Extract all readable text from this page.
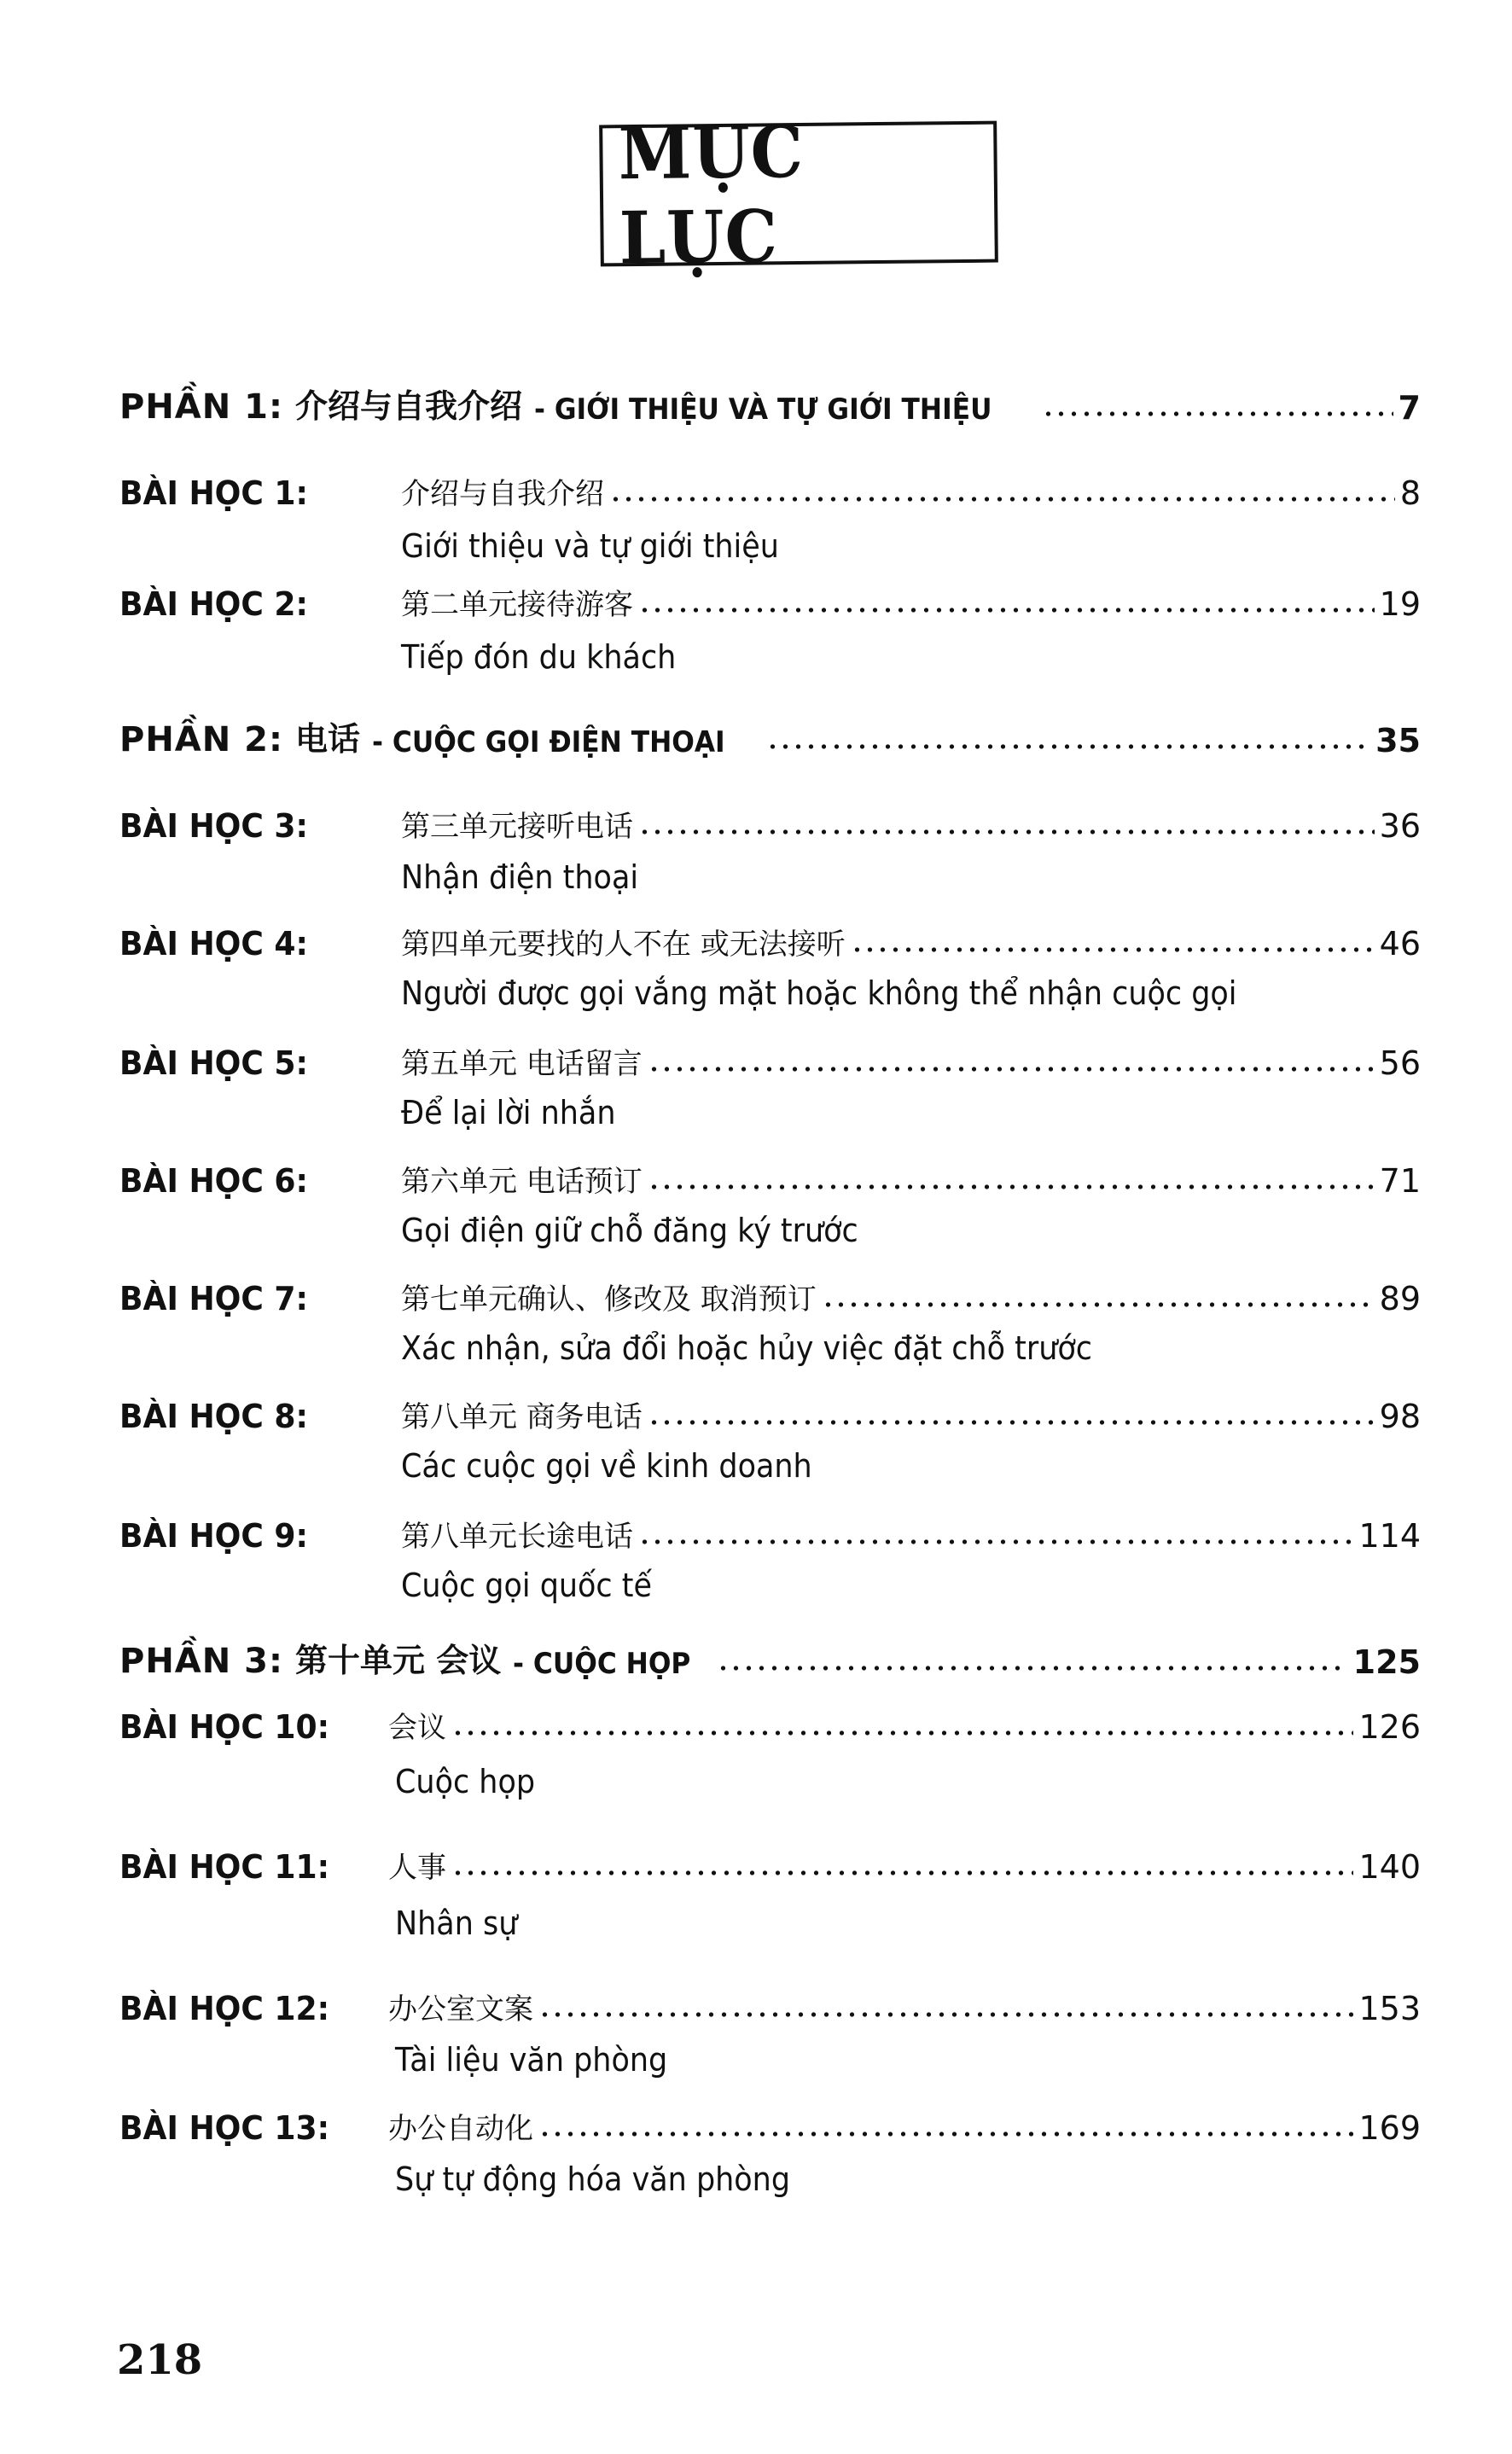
MỤC LỤC
PHẦN 1: 介绍与自我介绍 - GIỚI THIỆU VÀ TỰ GIỚI THIỆU	7
BÀI HỌC 1:	介绍与自我介绍	8
Giới thiệu và tự giới thiệu
BÀI HỌC 2:	第二单元接待游客	19
Tiếp đón du khách
PHẦN 2: 电话 - CUỘC GỌI ĐIỆN THOẠI	35
BÀI HỌC 3:	第三单元接听电话	36
Nhận điện thoại
BÀI HỌC 4:	第四单元要找的人不在 或无法接听	46
Người được gọi vắng mặt hoặc không thể nhận cuộc gọi
BÀI HỌC 5:	第五单元 电话留言	56
Để lại lời nhắn
BÀI HỌC 6:	第六单元 电话预订	71
Gọi điện giữ chỗ đăng ký trước
BÀI HỌC 7:	第七单元确认、修改及 取消预订	89
Xác nhận, sửa đổi hoặc hủy việc đặt chỗ trước
BÀI HỌC 8:	第八单元 商务电话	98
Các cuộc gọi về kinh doanh
BÀI HỌC 9:	第八单元长途电话	114
Cuộc gọi quốc tế
PHẦN 3: 第十单元 会议 - CUỘC HỌP	125
BÀI HỌC 10:	会议	126
Cuộc họp
BÀI HỌC 11:	人事	140
Nhân sự
BÀI HỌC 12:	办公室文案	153
Tài liệu văn phòng
BÀI HỌC 13:	办公自动化	169
Sự tự động hóa văn phòng
218
